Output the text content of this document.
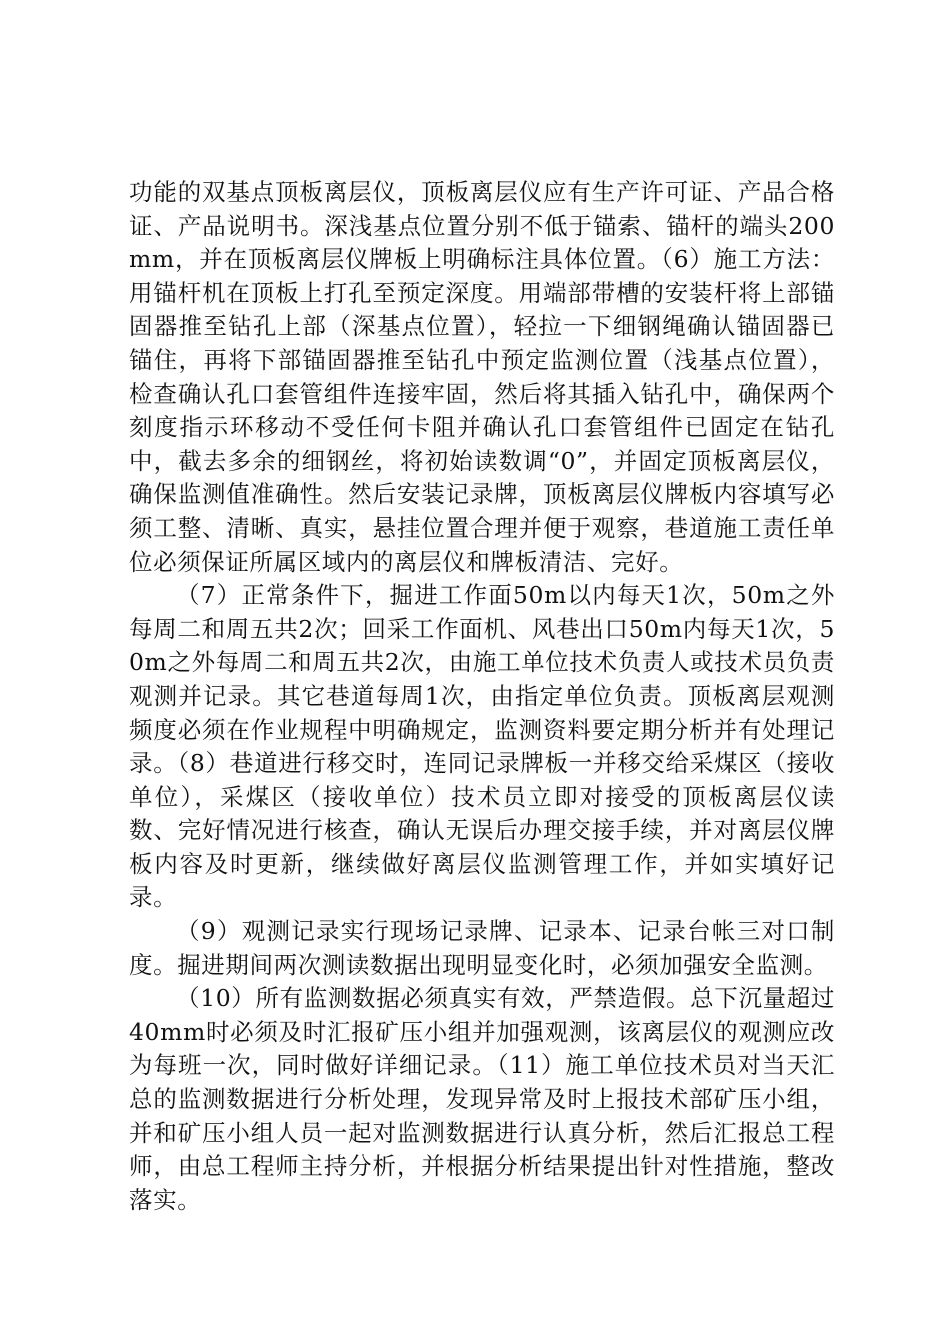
功能的双基点顶板离层仪，顶板离层仪应有生产许可证、产品合格证、产品说明书。深浅基点位置分别不低于锚索、锚杆的端头200mm，并在顶板离层仪牌板上明确标注具体位置。（6）施工方法：用锚杆机在顶板上打孔至预定深度。用端部带槽的安装杆将上部锚固器推至钻孔上部（深基点位置），轻拉一下细钢绳确认锚固器已锚住，再将下部锚固器推至钻孔中预定监测位置（浅基点位置），检查确认孔口套管组件连接牢固，然后将其插入钻孔中，确保两个刻度指示环移动不受任何卡阻并确认孔口套管组件已固定在钻孔中，截去多余的细钢丝，将初始读数调“0”，并固定顶板离层仪，确保监测值准确性。然后安装记录牌，顶板离层仪牌板内容填写必须工整、清晰、真实，悬挂位置合理并便于观察，巷道施工责任单位必须保证所属区域内的离层仪和牌板清洁、完好。

（7）正常条件下，掘进工作面50m以内每天1次，50m之外每周二和周五共2次；回采工作面机、风巷出口50m内每天1次，50m之外每周二和周五共2次，由施工单位技术负责人或技术员负责观测并记录。其它巷道每周1次，由指定单位负责。顶板离层观测频度必须在作业规程中明确规定，监测资料要定期分析并有处理记录。（8）巷道进行移交时，连同记录牌板一并移交给采煤区（接收单位），采煤区（接收单位）技术员立即对接受的顶板离层仪读数、完好情况进行核查，确认无误后办理交接手续，并对离层仪牌板内容及时更新，继续做好离层仪监测管理工作，并如实填好记录。

（9）观测记录实行现场记录牌、记录本、记录台帐三对口制度。掘进期间两次测读数据出现明显变化时，必须加强安全监测。

（10）所有监测数据必须真实有效，严禁造假。总下沉量超过40mm时必须及时汇报矿压小组并加强观测，该离层仪的观测应改为每班一次，同时做好详细记录。（11）施工单位技术员对当天汇总的监测数据进行分析处理，发现异常及时上报技术部矿压小组，并和矿压小组人员一起对监测数据进行认真分析，然后汇报总工程师，由总工程师主持分析，并根据分析结果提出针对性措施，整改落实。
